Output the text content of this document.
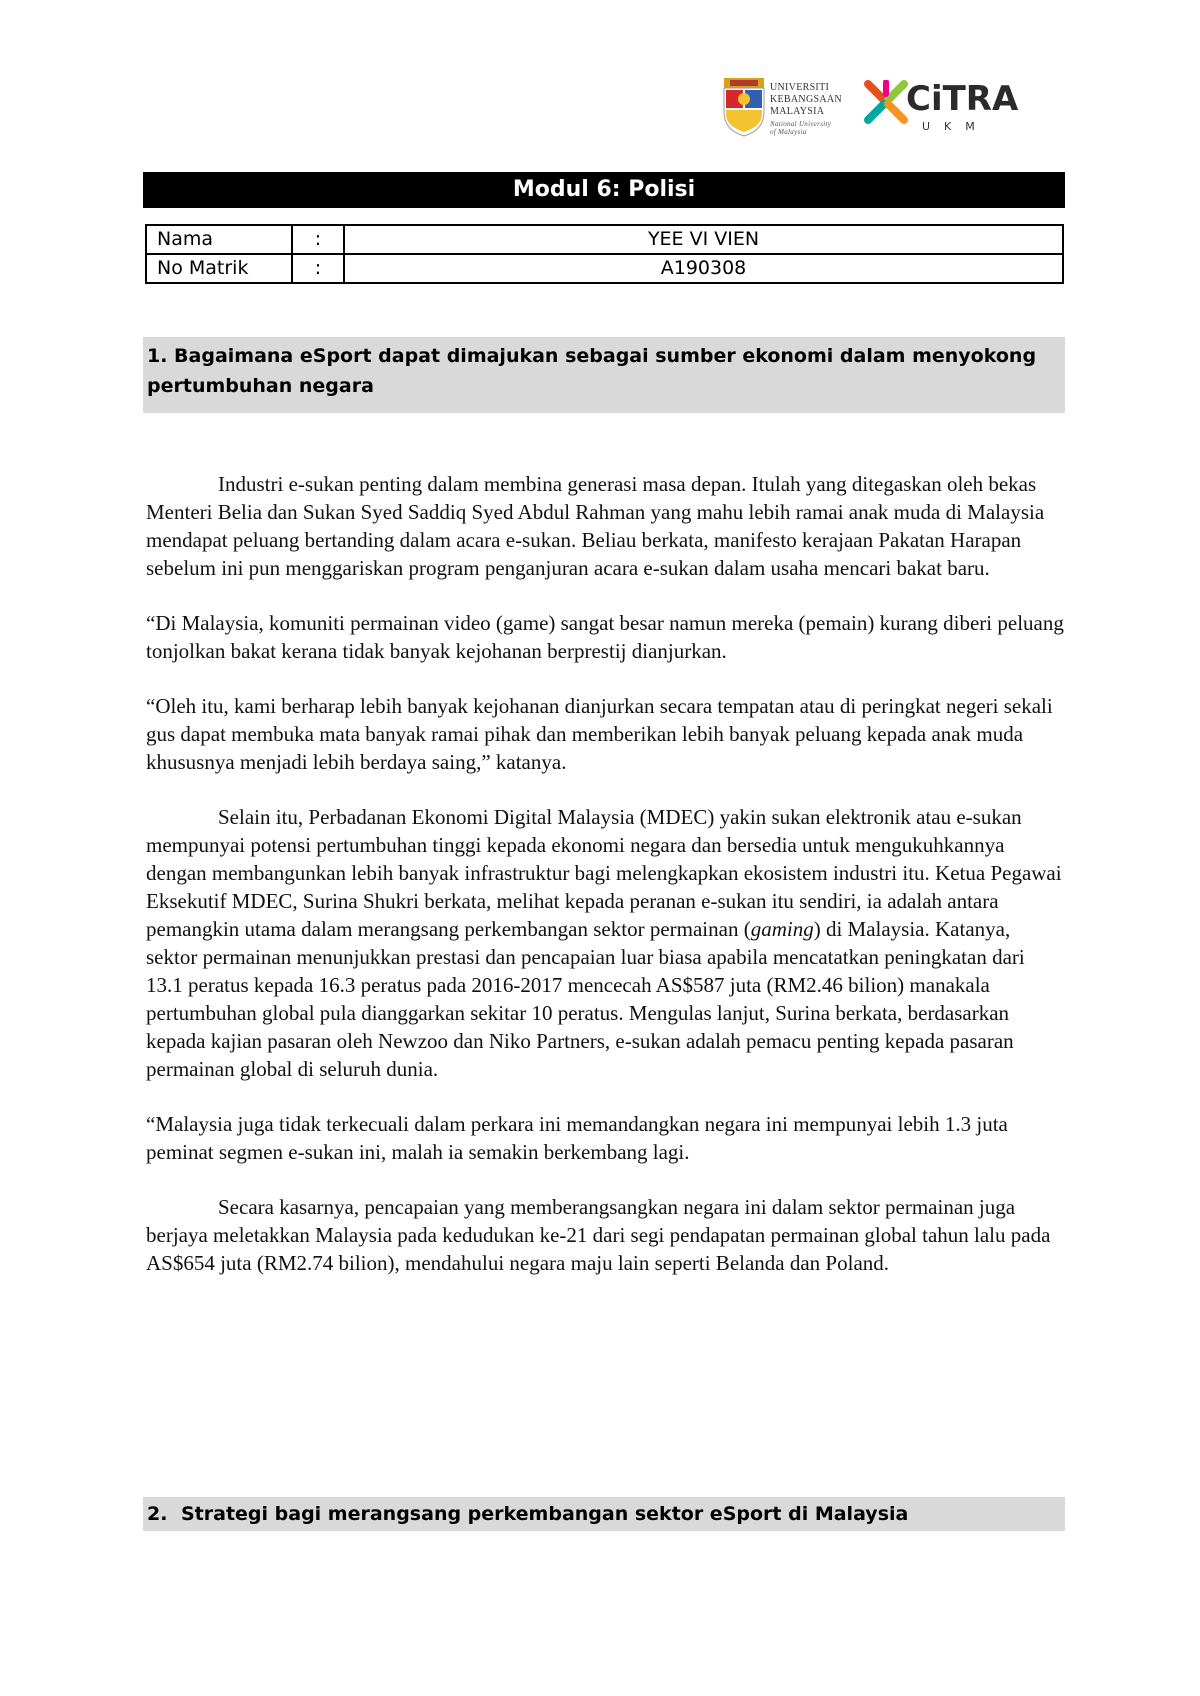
UNIVERSITI
KEBANGSAAN
MALAYSIA
National University
of Malaysia
CiTRA
UKM
Modul 6: Polisi
Nama	:	YEE VI VIEN
No Matrik	:	A190308
1. Bagaimana eSport dapat dimajukan sebagai sumber ekonomi dalam menyokong pertumbuhan negara

Industri e-sukan penting dalam membina generasi masa depan. Itulah yang ditegaskan oleh bekas Menteri Belia dan Sukan Syed Saddiq Syed Abdul Rahman yang mahu lebih ramai anak muda di Malaysia mendapat peluang bertanding dalam acara e-sukan. Beliau berkata, manifesto kerajaan Pakatan Harapan sebelum ini pun menggariskan program penganjuran acara e-sukan dalam usaha mencari bakat baru.

“Di Malaysia, komuniti permainan video (game) sangat besar namun mereka (pemain) kurang diberi peluang tonjolkan bakat kerana tidak banyak kejohanan berprestij dianjurkan.

“Oleh itu, kami berharap lebih banyak kejohanan dianjurkan secara tempatan atau di peringkat negeri sekali gus dapat membuka mata banyak ramai pihak dan memberikan lebih banyak peluang kepada anak muda khususnya menjadi lebih berdaya saing,” katanya.

Selain itu, Perbadanan Ekonomi Digital Malaysia (MDEC) yakin sukan elektronik atau e-sukan mempunyai potensi pertumbuhan tinggi kepada ekonomi negara dan bersedia untuk mengukuhkannya dengan membangunkan lebih banyak infrastruktur bagi melengkapkan ekosistem industri itu. Ketua Pegawai Eksekutif MDEC, Surina Shukri berkata, melihat kepada peranan e-sukan itu sendiri, ia adalah antara pemangkin utama dalam merangsang perkembangan sektor permainan (gaming) di Malaysia. Katanya, sektor permainan menunjukkan prestasi dan pencapaian luar biasa apabila mencatatkan peningkatan dari 13.1 peratus kepada 16.3 peratus pada 2016-2017 mencecah AS$587 juta (RM2.46 bilion) manakala pertumbuhan global pula dianggarkan sekitar 10 peratus. Mengulas lanjut, Surina berkata, berdasarkan kepada kajian pasaran oleh Newzoo dan Niko Partners, e-sukan adalah pemacu penting kepada pasaran permainan global di seluruh dunia.

“Malaysia juga tidak terkecuali dalam perkara ini memandangkan negara ini mempunyai lebih 1.3 juta peminat segmen e-sukan ini, malah ia semakin berkembang lagi.

Secara kasarnya, pencapaian yang memberangsangkan negara ini dalam sektor permainan juga berjaya meletakkan Malaysia pada kedudukan ke-21 dari segi pendapatan permainan global tahun lalu pada AS$654 juta (RM2.74 bilion), mendahului negara maju lain seperti Belanda dan Poland.

2. Strategi bagi merangsang perkembangan sektor eSport di Malaysia
